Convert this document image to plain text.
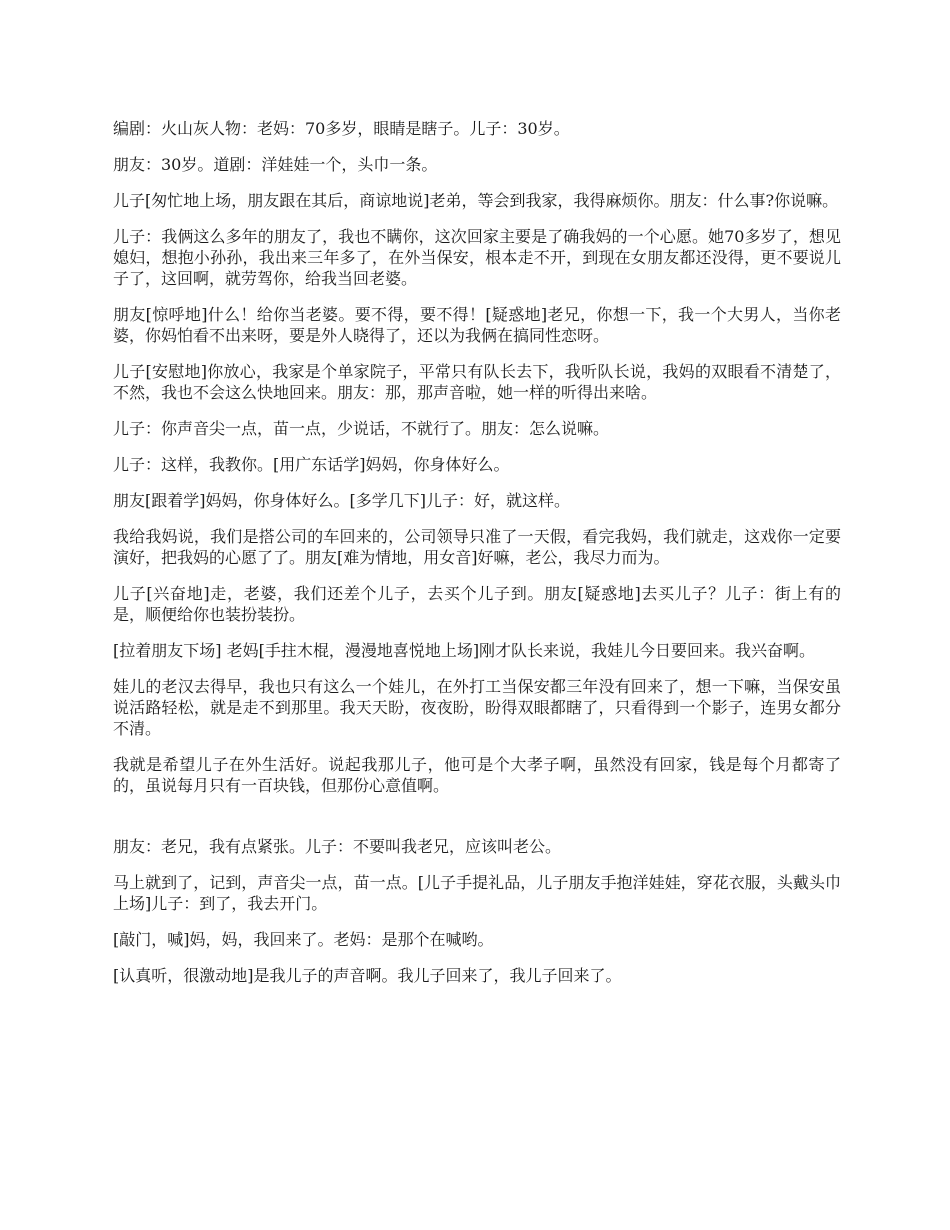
编剧：火山灰人物：老妈：70多岁，眼睛是瞎子。儿子：30岁。

朋友：30岁。道剧：洋娃娃一个，头巾一条。

儿子[匆忙地上场，朋友跟在其后，商谅地说]老弟，等会到我家，我得麻烦你。朋友：什么事?你说嘛。

儿子：我俩这么多年的朋友了，我也不瞒你，这次回家主要是了确我妈的一个心愿。她70多岁了，想见媳妇，想抱小孙孙，我出来三年多了，在外当保安，根本走不开，到现在女朋友都还没得，更不要说儿子了，这回啊，就劳驾你，给我当回老婆。

朋友[惊呼地]什么！给你当老婆。要不得，要不得！[疑惑地]老兄，你想一下，我一个大男人，当你老婆，你妈怕看不出来呀，要是外人晓得了，还以为我俩在搞同性恋呀。

儿子[安慰地]你放心，我家是个单家院子，平常只有队长去下，我听队长说，我妈的双眼看不清楚了，不然，我也不会这么快地回来。朋友：那，那声音啦，她一样的听得出来啥。

儿子：你声音尖一点，苗一点，少说话，不就行了。朋友：怎么说嘛。

儿子：这样，我教你。[用广东话学]妈妈，你身体好么。

朋友[跟着学]妈妈，你身体好么。[多学几下]儿子：好，就这样。

我给我妈说，我们是搭公司的车回来的，公司领导只准了一天假，看完我妈，我们就走，这戏你一定要演好，把我妈的心愿了了。朋友[难为情地，用女音]好嘛，老公，我尽力而为。

儿子[兴奋地]走，老婆，我们还差个儿子，去买个儿子到。朋友[疑惑地]去买儿子？儿子：街上有的是，顺便给你也装扮装扮。

[拉着朋友下场] 老妈[手拄木棍，漫漫地喜悦地上场]刚才队长来说，我娃儿今日要回来。我兴奋啊。

娃儿的老汉去得早，我也只有这么一个娃儿，在外打工当保安都三年没有回来了，想一下嘛，当保安虽说活路轻松，就是走不到那里。我天天盼，夜夜盼，盼得双眼都瞎了，只看得到一个影子，连男女都分不清。

我就是希望儿子在外生活好。说起我那儿子，他可是个大孝子啊，虽然没有回家，钱是每个月都寄了的，虽说每月只有一百块钱，但那份心意值啊。

朋友：老兄，我有点紧张。儿子：不要叫我老兄，应该叫老公。

马上就到了，记到，声音尖一点，苗一点。[儿子手提礼品，儿子朋友手抱洋娃娃，穿花衣服，头戴头巾上场]儿子：到了，我去开门。

[敲门，喊]妈，妈，我回来了。老妈：是那个在喊哟。

[认真听，很激动地]是我儿子的声音啊。我儿子回来了，我儿子回来了。
